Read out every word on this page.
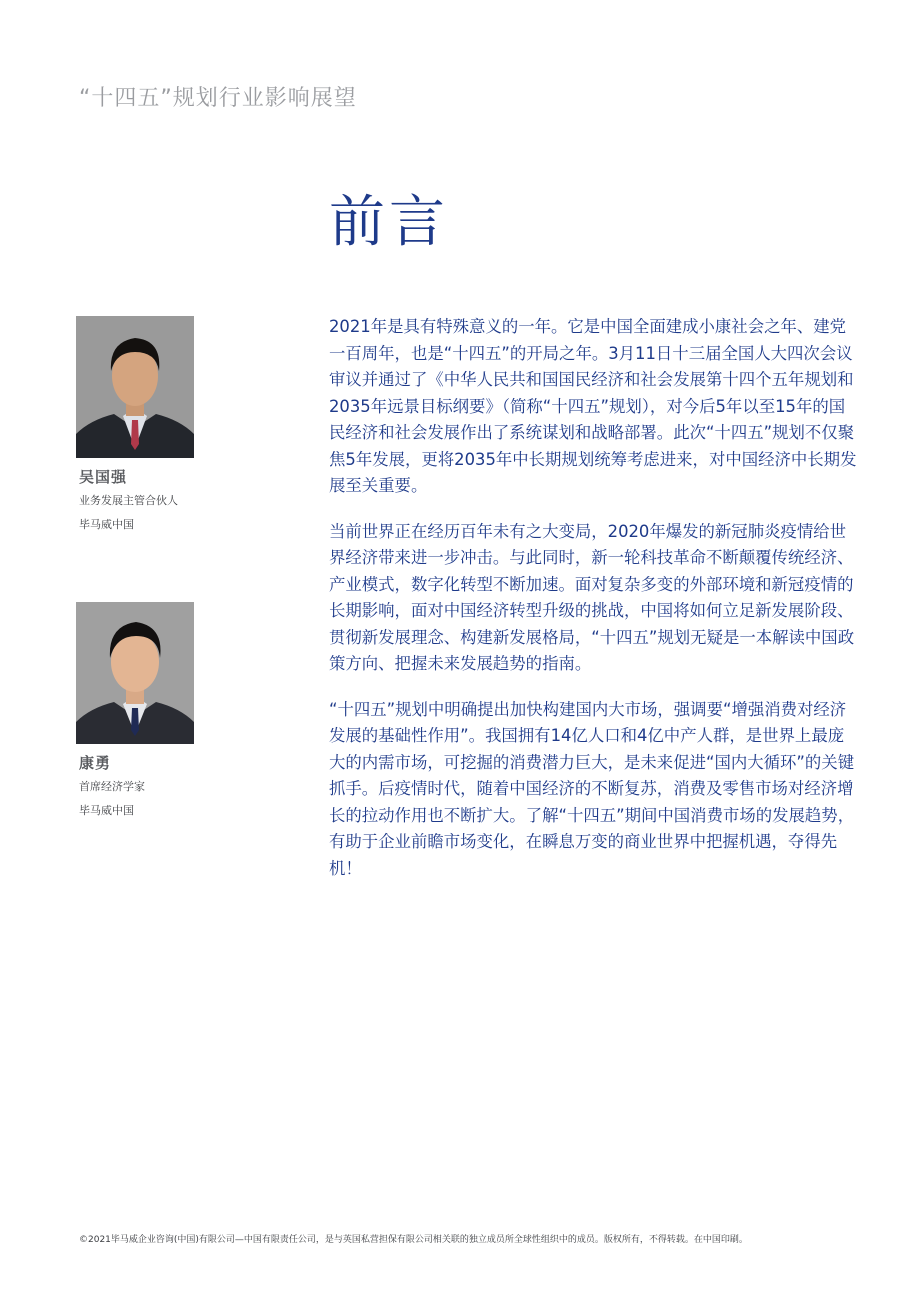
“十四五”规划行业影响展望
前言
吴国强
业务发展主管合伙人
毕马威中国
康勇
首席经济学家
毕马威中国

2021年是具有特殊意义的一年。它是中国全面建成小康社会之年、建党一百周年，也是“十四五”的开局之年。3月11日十三届全国人大四次会议审议并通过了《中华人民共和国国民经济和社会发展第十四个五年规划和2035年远景目标纲要》（简称“十四五”规划），对今后5年以至15年的国民经济和社会发展作出了系统谋划和战略部署。此次“十四五”规划不仅聚焦5年发展，更将2035年中长期规划统筹考虑进来，对中国经济中长期发展至关重要。

当前世界正在经历百年未有之大变局，2020年爆发的新冠肺炎疫情给世界经济带来进一步冲击。与此同时，新一轮科技革命不断颠覆传统经济、产业模式，数字化转型不断加速。面对复杂多变的外部环境和新冠疫情的长期影响，面对中国经济转型升级的挑战，中国将如何立足新发展阶段、贯彻新发展理念、构建新发展格局，“十四五”规划无疑是一本解读中国政策方向、把握未来发展趋势的指南。

“十四五”规划中明确提出加快构建国内大市场，强调要“增强消费对经济发展的基础性作用”。我国拥有14亿人口和4亿中产人群，是世界上最庞大的内需市场，可挖掘的消费潜力巨大，是未来促进“国内大循环”的关键抓手。后疫情时代，随着中国经济的不断复苏，消费及零售市场对经济增长的拉动作用也不断扩大。了解“十四五”期间中国消费市场的发展趋势，有助于企业前瞻市场变化，在瞬息万变的商业世界中把握机遇，夺得先机！

©2021毕马威企业咨询(中国)有限公司—中国有限责任公司，是与英国私营担保有限公司相关联的独立成员所全球性组织中的成员。版权所有，不得转载。在中国印刷。
